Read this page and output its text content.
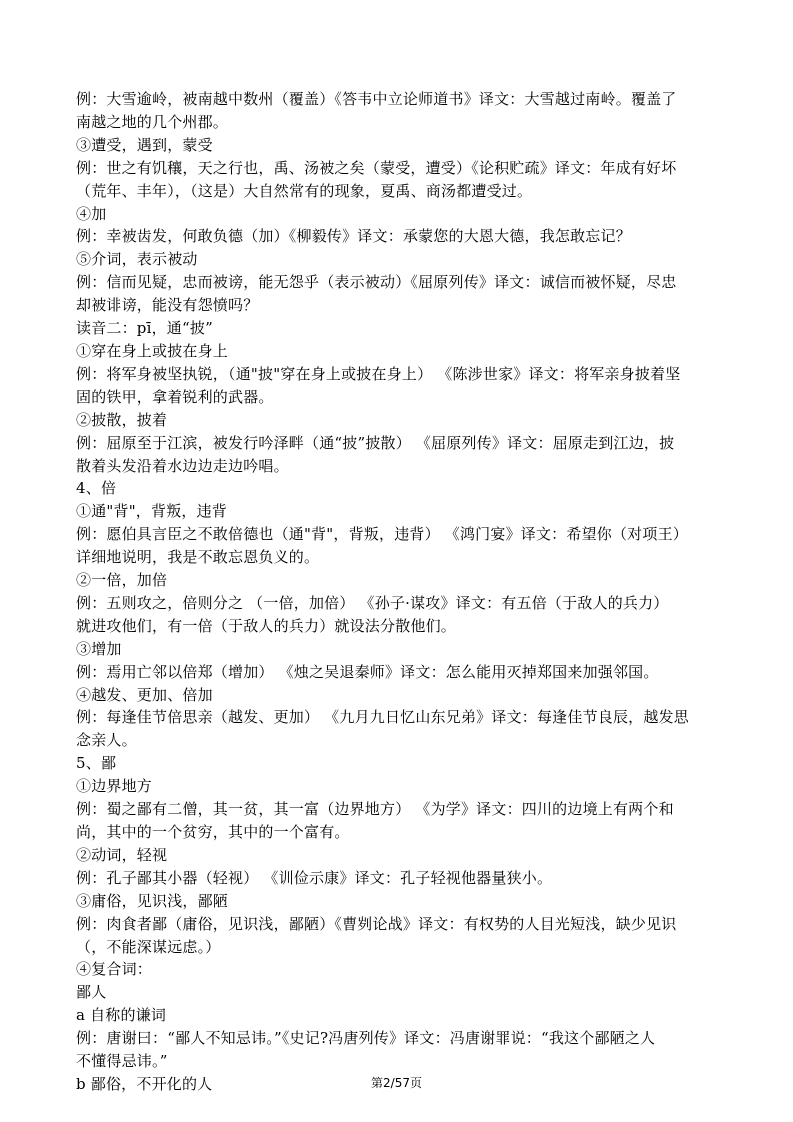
例：大雪逾岭，被南越中数州（覆盖）《答韦中立论师道书》译文：大雪越过南岭。覆盖了
南越之地的几个州郡。
③遭受，遇到，蒙受
例：世之有饥穰，天之行也，禹、汤被之矣（蒙受，遭受）《论积贮疏》译文：年成有好坏
（荒年、丰年），（这是）大自然常有的现象，夏禹、商汤都遭受过。
④加
例：幸被齿发，何敢负德（加）《柳毅传》译文：承蒙您的大恩大德，我怎敢忘记？
⑤介词，表示被动
例：信而见疑，忠而被谤，能无怨乎（表示被动）《屈原列传》译文：诚信而被怀疑，尽忠
却被诽谤，能没有怨愤吗？
读音二：pī，通“披”
①穿在身上或披在身上
例：将军身被坚执锐，（通"披"穿在身上或披在身上） 《陈涉世家》译文：将军亲身披着坚
固的铁甲，拿着锐利的武器。
②披散，披着
例：屈原至于江滨，被发行吟泽畔（通“披”披散） 《屈原列传》译文：屈原走到江边，披
散着头发沿着水边边走边吟唱。
4、倍
①通"背"，背叛，违背
例：愿伯具言臣之不敢倍德也（通"背"，背叛，违背） 《鸿门宴》译文：希望你（对项王）
详细地说明，我是不敢忘恩负义的。
②一倍，加倍
例：五则攻之，倍则分之 （一倍，加倍） 《孙子·谋攻》译文：有五倍（于敌人的兵力）
就进攻他们，有一倍（于敌人的兵力）就设法分散他们。
③增加
例：焉用亡邻以倍郑（增加） 《烛之吴退秦师》译文：怎么能用灭掉郑国来加强邻国。
④越发、更加、倍加
例：每逢佳节倍思亲（越发、更加） 《九月九日忆山东兄弟》译文：每逢佳节良辰，越发思
念亲人。
5、鄙
①边界地方
例：蜀之鄙有二僧，其一贫，其一富（边界地方） 《为学》译文：四川的边境上有两个和
尚，其中的一个贫穷，其中的一个富有。
②动词，轻视
例：孔子鄙其小器（轻视） 《训俭示康》译文：孔子轻视他器量狭小。
③庸俗，见识浅，鄙陋
例：肉食者鄙（庸俗，见识浅，鄙陋）《曹刿论战》译文：有权势的人目光短浅，缺少见识
（，不能深谋远虑。）
④复合词：
鄙人
a 自称的谦词
例：唐谢曰：“鄙人不知忌讳。”《史记?冯唐列传》译文：冯唐谢罪说：“我这个鄙陋之人
不懂得忌讳。”
b 鄙俗，不开化的人	第2/57页
